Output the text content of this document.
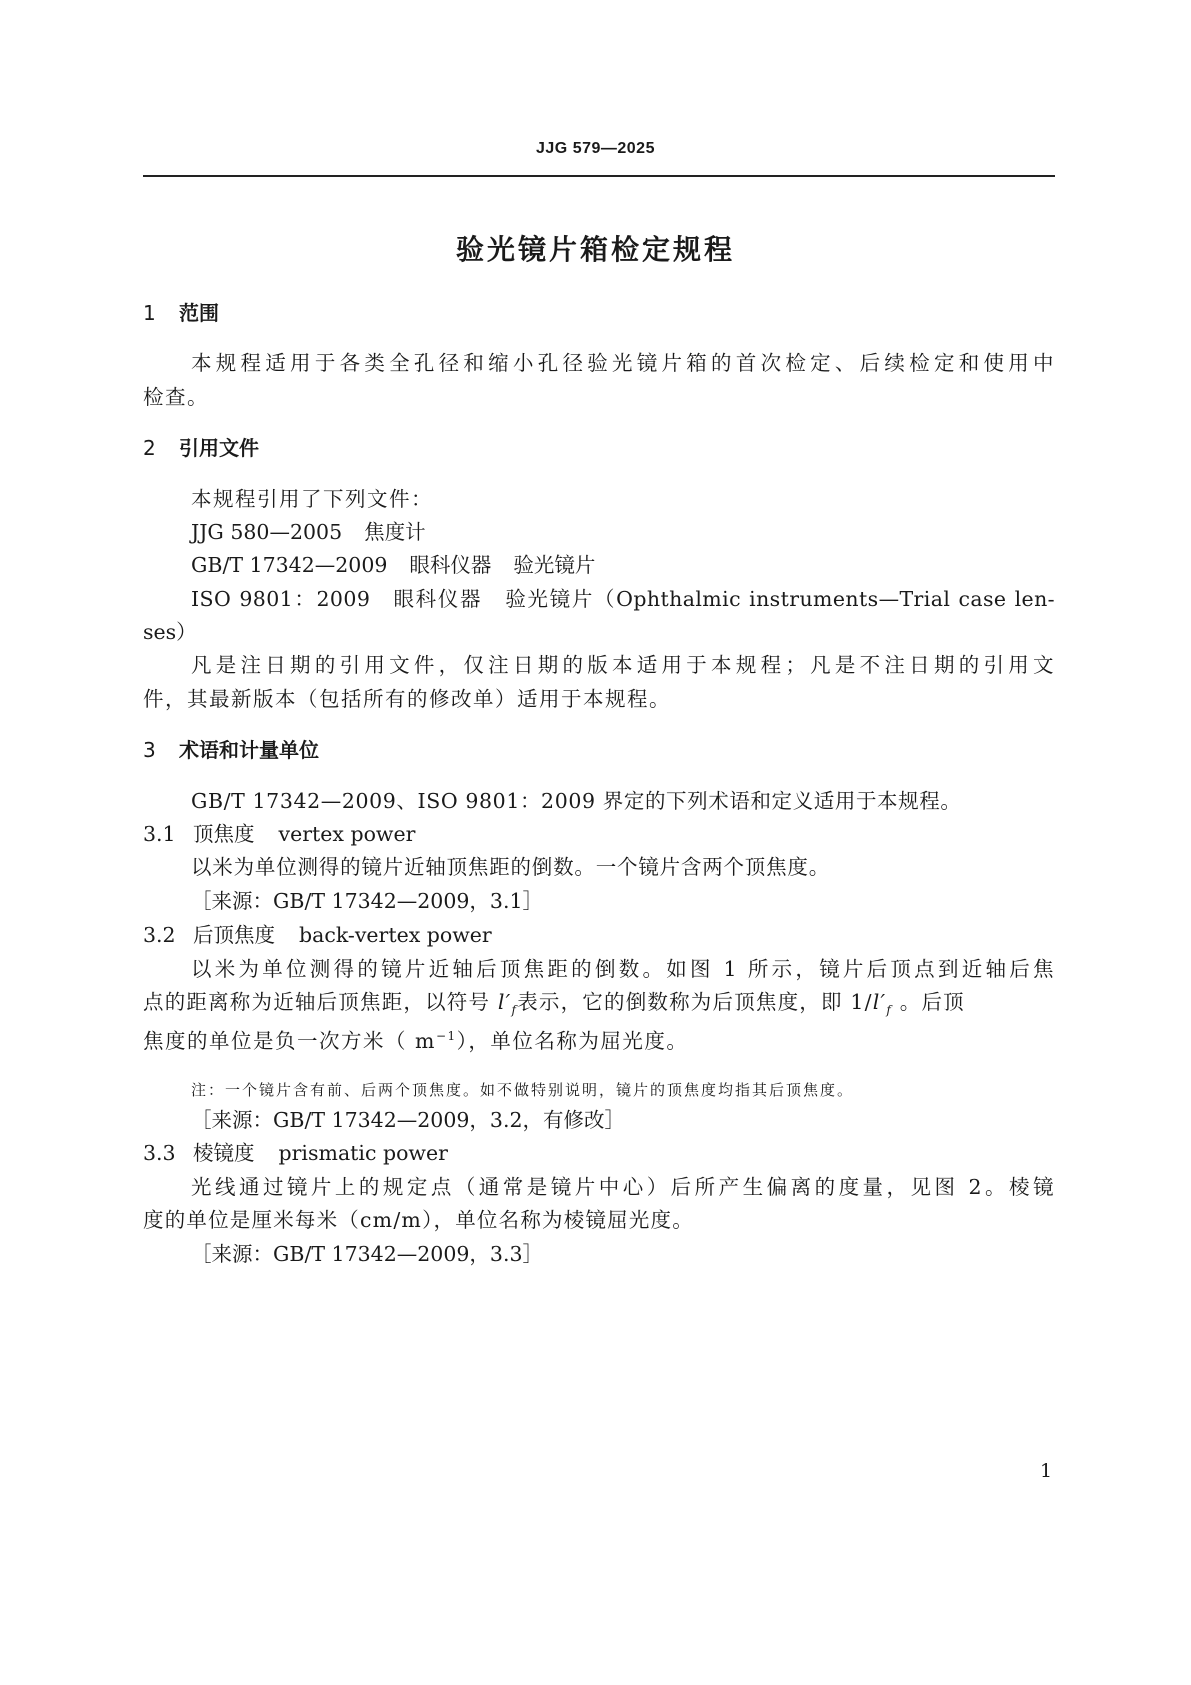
JJG 579—2025
验光镜片箱检定规程
1 范围
本规程适用于各类全孔径和缩小孔径验光镜片箱的首次检定、后续检定和使用中
检查。
2 引用文件
本规程引用了下列文件：
JJG 580—2005 焦度计
GB/T 17342—2009 眼科仪器 验光镜片
ISO 9801：2009 眼科仪器 验光镜片（Ophthalmic instruments—Trial case len-
ses）
凡是注日期的引用文件，仅注日期的版本适用于本规程；凡是不注日期的引用文
件，其最新版本（包括所有的修改单）适用于本规程。
3 术语和计量单位
GB/T 17342—2009、ISO 9801：2009 界定的下列术语和定义适用于本规程。
3.1 顶焦度 vertex power
以米为单位测得的镜片近轴顶焦距的倒数。一个镜片含两个顶焦度。
［来源：GB/T 17342—2009，3.1］
3.2 后顶焦度 back-vertex power
以米为单位测得的镜片近轴后顶焦距的倒数。如图 1 所示，镜片后顶点到近轴后焦
点的距离称为近轴后顶焦距，以符号 $l'_f$表示，它的倒数称为后顶焦度，即 $1/l'_f$ 。后顶
焦度的单位是负一次方米（ $m^{-1}$），单位名称为屈光度。
注：一个镜片含有前、后两个顶焦度。如不做特别说明，镜片的顶焦度均指其后顶焦度。
［来源：GB/T 17342—2009，3.2，有修改］
3.3 棱镜度 prismatic power
光线通过镜片上的规定点（通常是镜片中心）后所产生偏离的度量，见图 2。棱镜
度的单位是厘米每米（cm/m），单位名称为棱镜屈光度。
［来源：GB/T 17342—2009，3.3］
1
